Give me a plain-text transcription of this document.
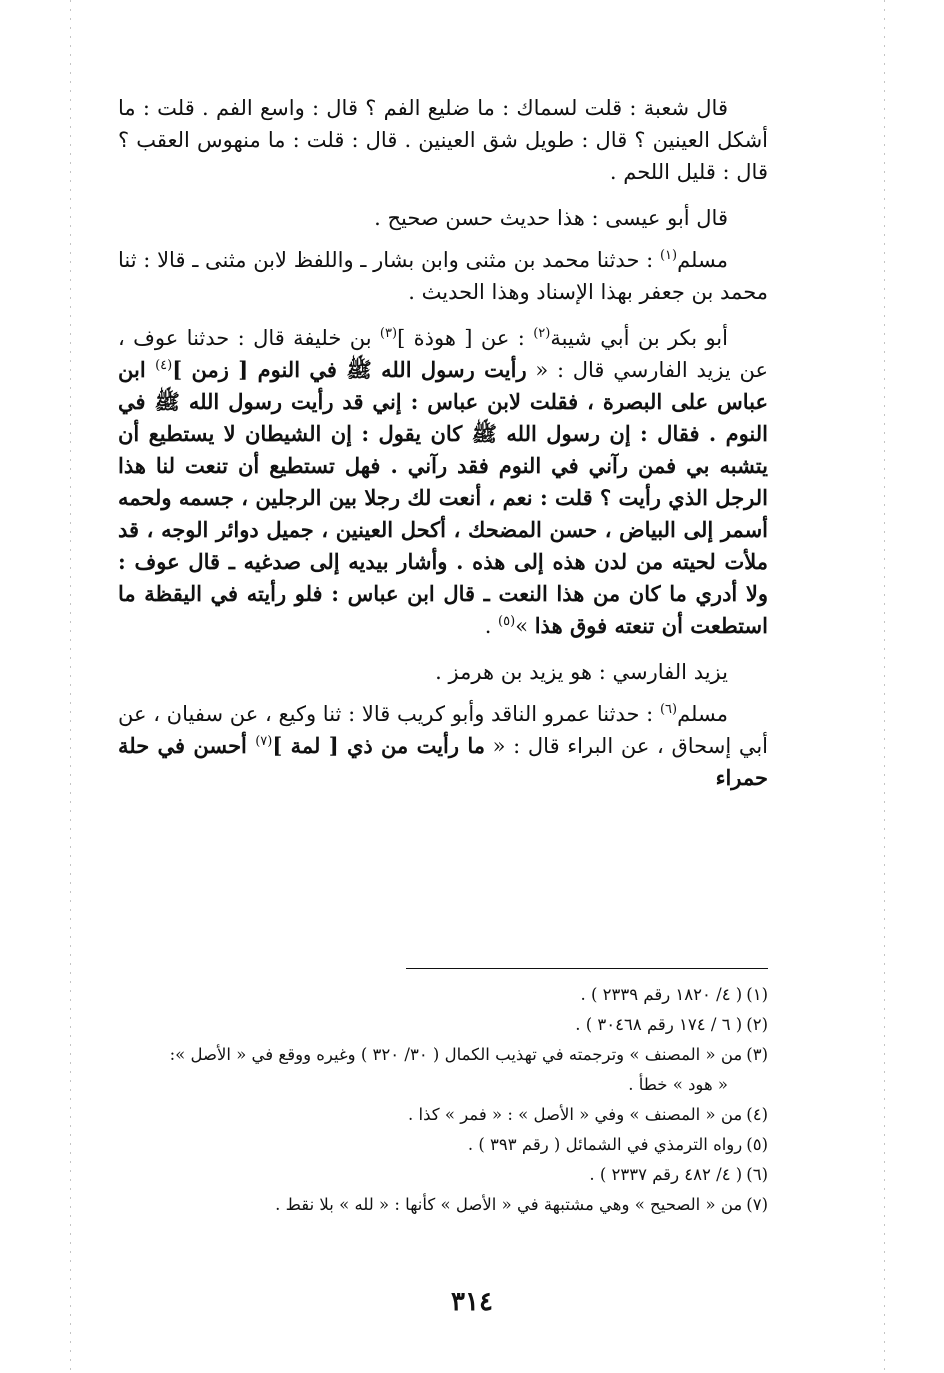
قال شعبة : قلت لسماك : ما ضليع الفم ؟ قال : واسع الفم . قلت : ما أشكل العينين ؟ قال : طويل شق العينين . قال : قلت : ما منهوس العقب ؟ قال : قليل اللحم .

قال أبو عيسى : هذا حديث حسن صحيح .

مسلم$^{(١)}$ : حدثنا محمد بن مثنى وابن بشار ـ واللفظ لابن مثنى ـ قالا : ثنا محمد بن جعفر بهذا الإسناد وهذا الحديث .

أبو بكر بن أبي شيبة$^{(٢)}$ : عن [ هوذة ]$^{(٣)}$ بن خليفة قال : حدثنا عوف ، عن يزيد الفارسي قال : « رأيت رسول الله ﷺ في النوم [ زمن ]$^{(٤)}$ ابن عباس على البصرة ، فقلت لابن عباس : إني قد رأيت رسول الله ﷺ في النوم . فقال : إن رسول الله ﷺ كان يقول : إن الشيطان لا يستطيع أن يتشبه بي فمن رآني في النوم فقد رآني . فهل تستطيع أن تنعت لنا هذا الرجل الذي رأيت ؟ قلت : نعم ، أنعت لك رجلا بين الرجلين ، جسمه ولحمه أسمر إلى البياض ، حسن المضحك ، أكحل العينين ، جميل دوائر الوجه ، قد ملأت لحيته من لدن هذه إلى هذه . وأشار بيديه إلى صدغيه ـ قال عوف : ولا أدري ما كان من هذا النعت ـ قال ابن عباس : فلو رأيته في اليقظة ما استطعت أن تنعته فوق هذا »$^{(٥)}$ .

يزيد الفارسي : هو يزيد بن هرمز .

مسلم$^{(٦)}$ : حدثنا عمرو الناقد وأبو كريب قالا : ثنا وكيع ، عن سفيان ، عن أبي إسحاق ، عن البراء قال : « ما رأيت من ذي [ لمة ]$^{(٧)}$ أحسن في حلة حمراء

(١)( ٤/ ١٨٢٠ رقم ٢٣٣٩ ) .

(٢)( ٦ / ١٧٤ رقم ٣٠٤٦٨ ) .

(٣)من « المصنف » وترجمته في تهذيب الكمال ( ٣٠/ ٣٢٠ ) وغيره ووقع في « الأصل »:

« هود » خطأ .

(٤)من « المصنف » وفي « الأصل » : « فمر » كذا .

(٥)رواه الترمذي في الشمائل ( رقم ٣٩٣ ) .

(٦)( ٤/ ٤٨٢ رقم ٢٣٣٧ ) .

(٧)من « الصحيح » وهي مشتبهة في « الأصل » كأنها : « لله » بلا نقط .

٣١٤
